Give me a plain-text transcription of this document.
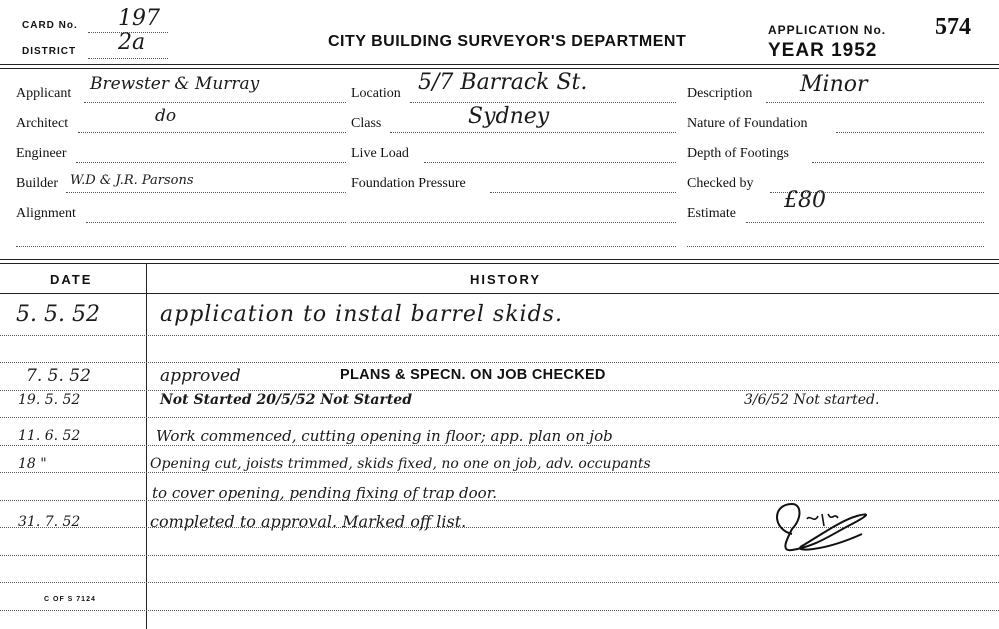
CARD No. 197
DISTRICT 2a	CITY BUILDING SURVEYOR'S DEPARTMENT
APPLICATION No. 574
YEAR 1952
Applicant Brewster & Murray
Architect	do
Engineer
Builder W.D & J.R. Parsons
Alignment
Location 5/7 Barrack St.
Class	Sydney
Live Load
Foundation Pressure
Description Minor
Nature of Foundation
Depth of Footings
Checked by
Estimate
£80
DATE	HISTORY
5. 5. 52	application to instal barrel skids.
7. 5. 52	approved	PLANS & SPECN. ON JOB CHECKED
19. 5. 52	Not Started 20/5/52 Not Started	3/6/52 Not started.
11. 6. 52	Work commenced, cutting opening in floor; app. plan on job
18 "	Opening cut, joists trimmed, skids fixed, no one on job, adv. occupants
to cover opening, pending fixing of trap door.
31. 7. 52	completed to approval. Marked off list.
C OF S 7124
